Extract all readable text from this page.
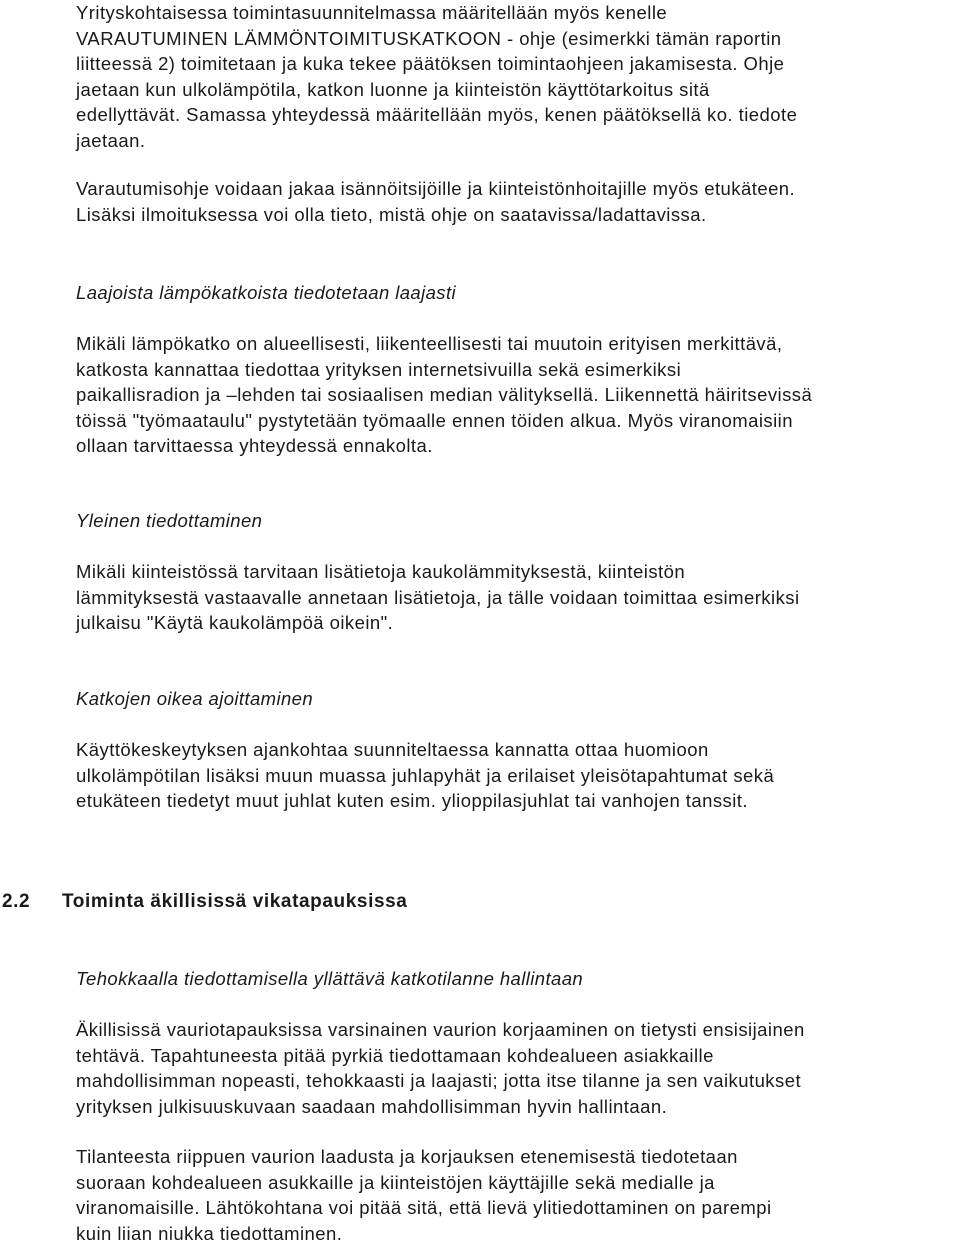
Yrityskohtaisessa toimintasuunnitelmassa määritellään myös kenelle
VARAUTUMINEN LÄMMÖNTOIMITUSKATKOON - ohje (esimerkki tämän raportin
liitteessä 2) toimitetaan ja kuka tekee päätöksen toimintaohjeen jakamisesta. Ohje
jaetaan kun ulkolämpötila, katkon luonne ja kiinteistön käyttötarkoitus sitä
edellyttävät. Samassa yhteydessä määritellään myös, kenen päätöksellä ko. tiedote
jaetaan.

Varautumisohje voidaan jakaa isännöitsijöille ja kiinteistönhoitajille myös etukäteen.
Lisäksi ilmoituksessa voi olla tieto, mistä ohje on saatavissa/ladattavissa.

Laajoista lämpökatkoista tiedotetaan laajasti

Mikäli lämpökatko on alueellisesti, liikenteellisesti tai muutoin erityisen merkittävä,
katkosta kannattaa tiedottaa yrityksen internetsivuilla sekä esimerkiksi
paikallisradion ja –lehden tai sosiaalisen median välityksellä. Liikennettä häiritsevissä
töissä "työmaataulu" pystytetään työmaalle ennen töiden alkua. Myös viranomaisiin
ollaan tarvittaessa yhteydessä ennakolta.

Yleinen tiedottaminen

Mikäli kiinteistössä tarvitaan lisätietoja kaukolämmityksestä, kiinteistön
lämmityksestä vastaavalle annetaan lisätietoja, ja tälle voidaan toimittaa esimerkiksi
julkaisu "Käytä kaukolämpöä oikein".

Katkojen oikea ajoittaminen

Käyttökeskeytyksen ajankohtaa suunniteltaessa kannatta ottaa huomioon
ulkolämpötilan lisäksi muun muassa juhlapyhät ja erilaiset yleisötapahtumat sekä
etukäteen tiedetyt muut juhlat kuten esim. ylioppilasjuhlat tai vanhojen tanssit.

2.2 Toiminta äkillisissä vikatapauksissa
Tehokkaalla tiedottamisella yllättävä katkotilanne hallintaan

Äkillisissä vauriotapauksissa varsinainen vaurion korjaaminen on tietysti ensisijainen
tehtävä. Tapahtuneesta pitää pyrkiä tiedottamaan kohdealueen asiakkaille
mahdollisimman nopeasti, tehokkaasti ja laajasti; jotta itse tilanne ja sen vaikutukset
yrityksen julkisuuskuvaan saadaan mahdollisimman hyvin hallintaan.

Tilanteesta riippuen vaurion laadusta ja korjauksen etenemisestä tiedotetaan
suoraan kohdealueen asukkaille ja kiinteistöjen käyttäjille sekä medialle ja
viranomaisille. Lähtökohtana voi pitää sitä, että lievä ylitiedottaminen on parempi
kuin liian niukka tiedottaminen.
